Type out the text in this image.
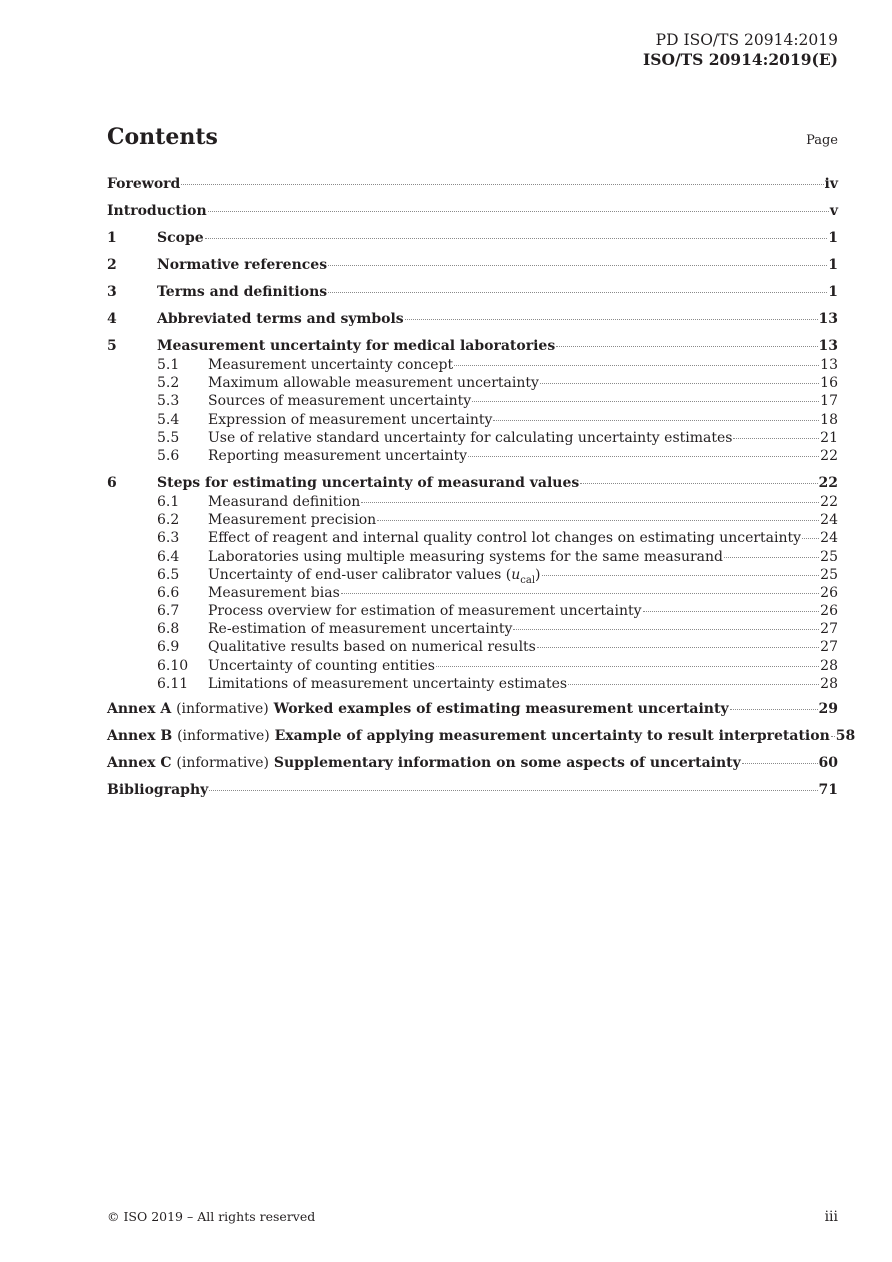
PD ISO/TS 20914:2019
ISO/TS 20914:2019(E)
Contents	Page
Foreword	iv
Introduction	v
1	Scope	1
2	Normative references	1
3	Terms and definitions	1
4	Abbreviated terms and symbols	13
5	Measurement uncertainty for medical laboratories	13
5.1	Measurement uncertainty concept	13
5.2	Maximum allowable measurement uncertainty	16
5.3	Sources of measurement uncertainty	17
5.4	Expression of measurement uncertainty	18
5.5	Use of relative standard uncertainty for calculating uncertainty estimates	21
5.6	Reporting measurement uncertainty	22
6	Steps for estimating uncertainty of measurand values	22
6.1	Measurand definition	22
6.2	Measurement precision	24
6.3	Effect of reagent and internal quality control lot changes on estimating uncertainty 24
6.4	Laboratories using multiple measuring systems for the same measurand	25
6.5	Uncertainty of end-user calibrator values $(u_{cal})$	25
6.6	Measurement bias	26
6.7	Process overview for estimation of measurement uncertainty	26
6.8	Re-estimation of measurement uncertainty	27
6.9	Qualitative results based on numerical results	27
6.10	Uncertainty of counting entities	28
6.11	Limitations of measurement uncertainty estimates	28
Annex A (informative) Worked examples of estimating measurement uncertainty	29
Annex B (informative) Example of applying measurement uncertainty to result interpretation 58
Annex C (informative) Supplementary information on some aspects of uncertainty	60
Bibliography	71
© ISO 2019 – All rights reserved	iii
